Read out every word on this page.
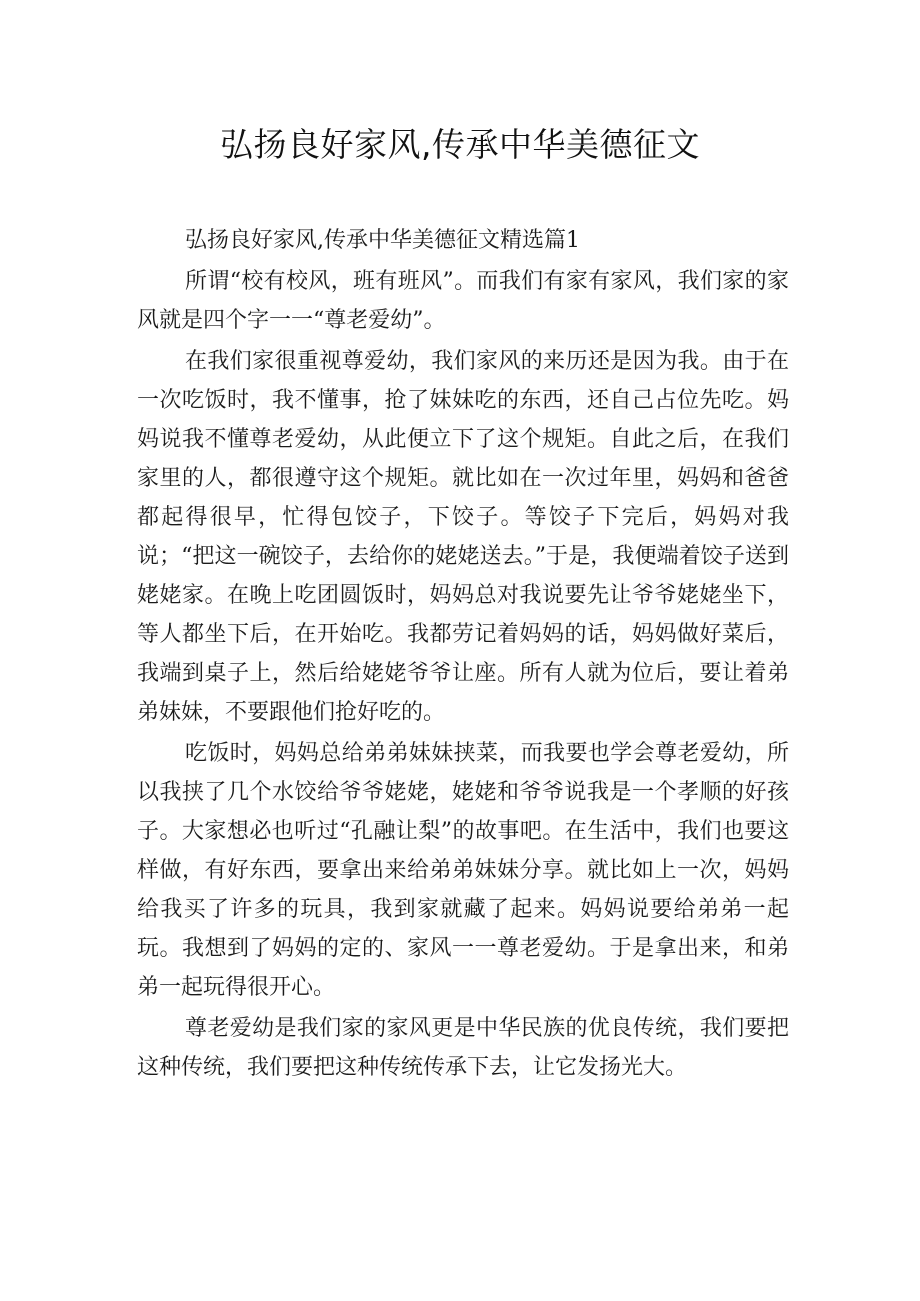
弘扬良好家风,传承中华美德征文

弘扬良好家风,传承中华美德征文精选篇1

所谓“校有校风，班有班风”。而我们有家有家风，我们家的家风就是四个字一一“尊老爱幼”。

在我们家很重视尊爱幼，我们家风的来历还是因为我。由于在一次吃饭时，我不懂事，抢了妹妹吃的东西，还自己占位先吃。妈妈说我不懂尊老爱幼，从此便立下了这个规矩。自此之后，在我们家里的人，都很遵守这个规矩。就比如在一次过年里，妈妈和爸爸都起得很早，忙得包饺子，下饺子。等饺子下完后，妈妈对我说；“把这一碗饺子，去给你的姥姥送去。”于是，我便端着饺子送到姥姥家。在晚上吃团圆饭时，妈妈总对我说要先让爷爷姥姥坐下，等人都坐下后，在开始吃。我都劳记着妈妈的话，妈妈做好菜后，我端到桌子上，然后给姥姥爷爷让座。所有人就为位后，要让着弟弟妹妹，不要跟他们抢好吃的。

吃饭时，妈妈总给弟弟妹妹挟菜，而我要也学会尊老爱幼，所以我挟了几个水饺给爷爷姥姥，姥姥和爷爷说我是一个孝顺的好孩子。大家想必也听过“孔融让梨”的故事吧。在生活中，我们也要这样做，有好东西，要拿出来给弟弟妹妹分享。就比如上一次，妈妈给我买了许多的玩具，我到家就藏了起来。妈妈说要给弟弟一起玩。我想到了妈妈的定的、家风一一尊老爱幼。于是拿出来，和弟弟一起玩得很开心。

尊老爱幼是我们家的家风更是中华民族的优良传统，我们要把这种传统，我们要把这种传统传承下去，让它发扬光大。
